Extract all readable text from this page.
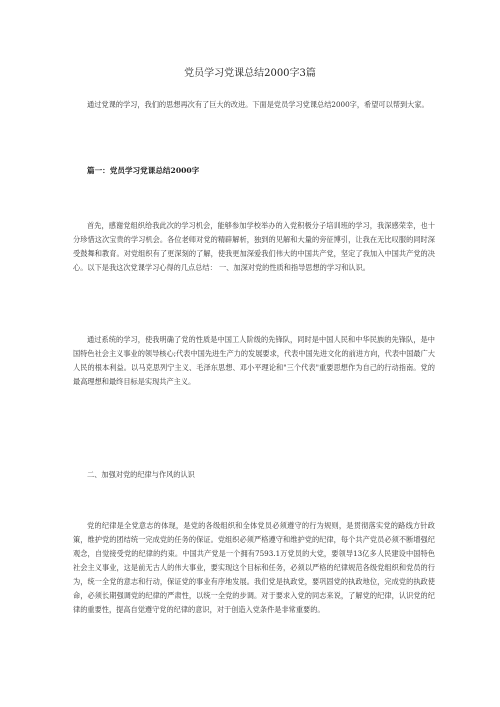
党员学习党课总结2000字3篇

通过党课的学习，我们的思想再次有了巨大的改进。下面是党员学习党课总结2000字，希望可以帮到大家。

篇一：党员学习党课总结2000字

首先，感谢党组织给我此次的学习机会，能够参加学校举办的入党积极分子培训班的学习，我深感荣幸，也十分珍惜这次宝贵的学习机会。各位老师对党的精辟解析，独到的见解和大量的旁征博引，让我在无比叹服的同时深受鼓舞和教育。对党组织有了更深刻的了解，使我更加深爱我们伟大的中国共产党，坚定了我加入中国共产党的决心。以下是我这次党课学习心得的几点总结： 一、加深对党的性质和指导思想的学习和认识。

通过系统的学习，使我明确了党的性质是中国工人阶级的先锋队，同时是中国人民和中华民族的先锋队，是中国特色社会主义事业的领导核心;代表中国先进生产力的发展要求，代表中国先进文化的前进方向，代表中国最广大人民的根本利益。以马克思列宁主义、毛泽东思想、邓小平理论和"三个代表"重要思想作为自己的行动指南。党的最高理想和最终目标是实现共产主义。

二、加强对党的纪律与作风的认识

党的纪律是全党意志的体现，是党的各级组织和全体党员必须遵守的行为规则，是贯彻落实党的路线方针政策，维护党的团结统一完成党的任务的保证。党组织必须严格遵守和维护党的纪律，每个共产党员必须不断增强纪观念，自觉接受党的纪律的约束。中国共产党是一个拥有7593.1万党员的大党，要领导13亿多人民建设中国特色社会主义事业，这是前无古人的伟大事业，要实现这个目标和任务，必须以严格的纪律规范各级党组织和党员的行为，统一全党的意志和行动，保证党的事业有序地发展。我们党是执政党，要巩固党的执政地位，完成党的执政使命，必须长期强调党的纪律的严肃性，以统一全党的步调。对于要求入党的同志来说，了解党的纪律，认识党的纪律的重要性，提高自觉遵守党的纪律的意识，对于创造入党条件是非常重要的。
